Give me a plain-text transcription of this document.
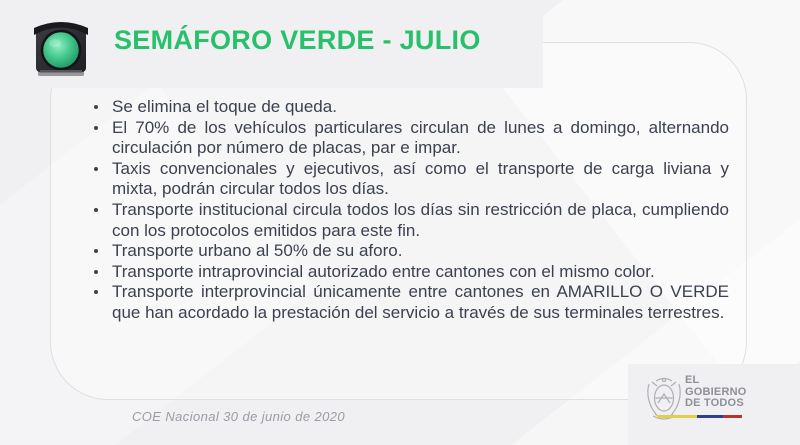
SEMÁFORO VERDE - JULIO
Se elimina el toque de queda.
El 70% de los vehículos particulares circulan de lunes a domingo, alternando circulación por número de placas, par e impar.
Taxis convencionales y ejecutivos, así como el transporte de carga liviana y mixta, podrán circular todos los días.
Transporte institucional circula todos los días sin restricción de placa, cumpliendo con los protocolos emitidos para este fin.
Transporte urbano al 50% de su aforo.
Transporte intraprovincial autorizado entre cantones con el mismo color.
Transporte interprovincial únicamente entre cantones en AMARILLO O VERDE que han acordado la prestación del servicio a través de sus terminales terrestres.
COE Nacional 30 de junio de 2020
EL
GOBIERNO
DE TODOS
